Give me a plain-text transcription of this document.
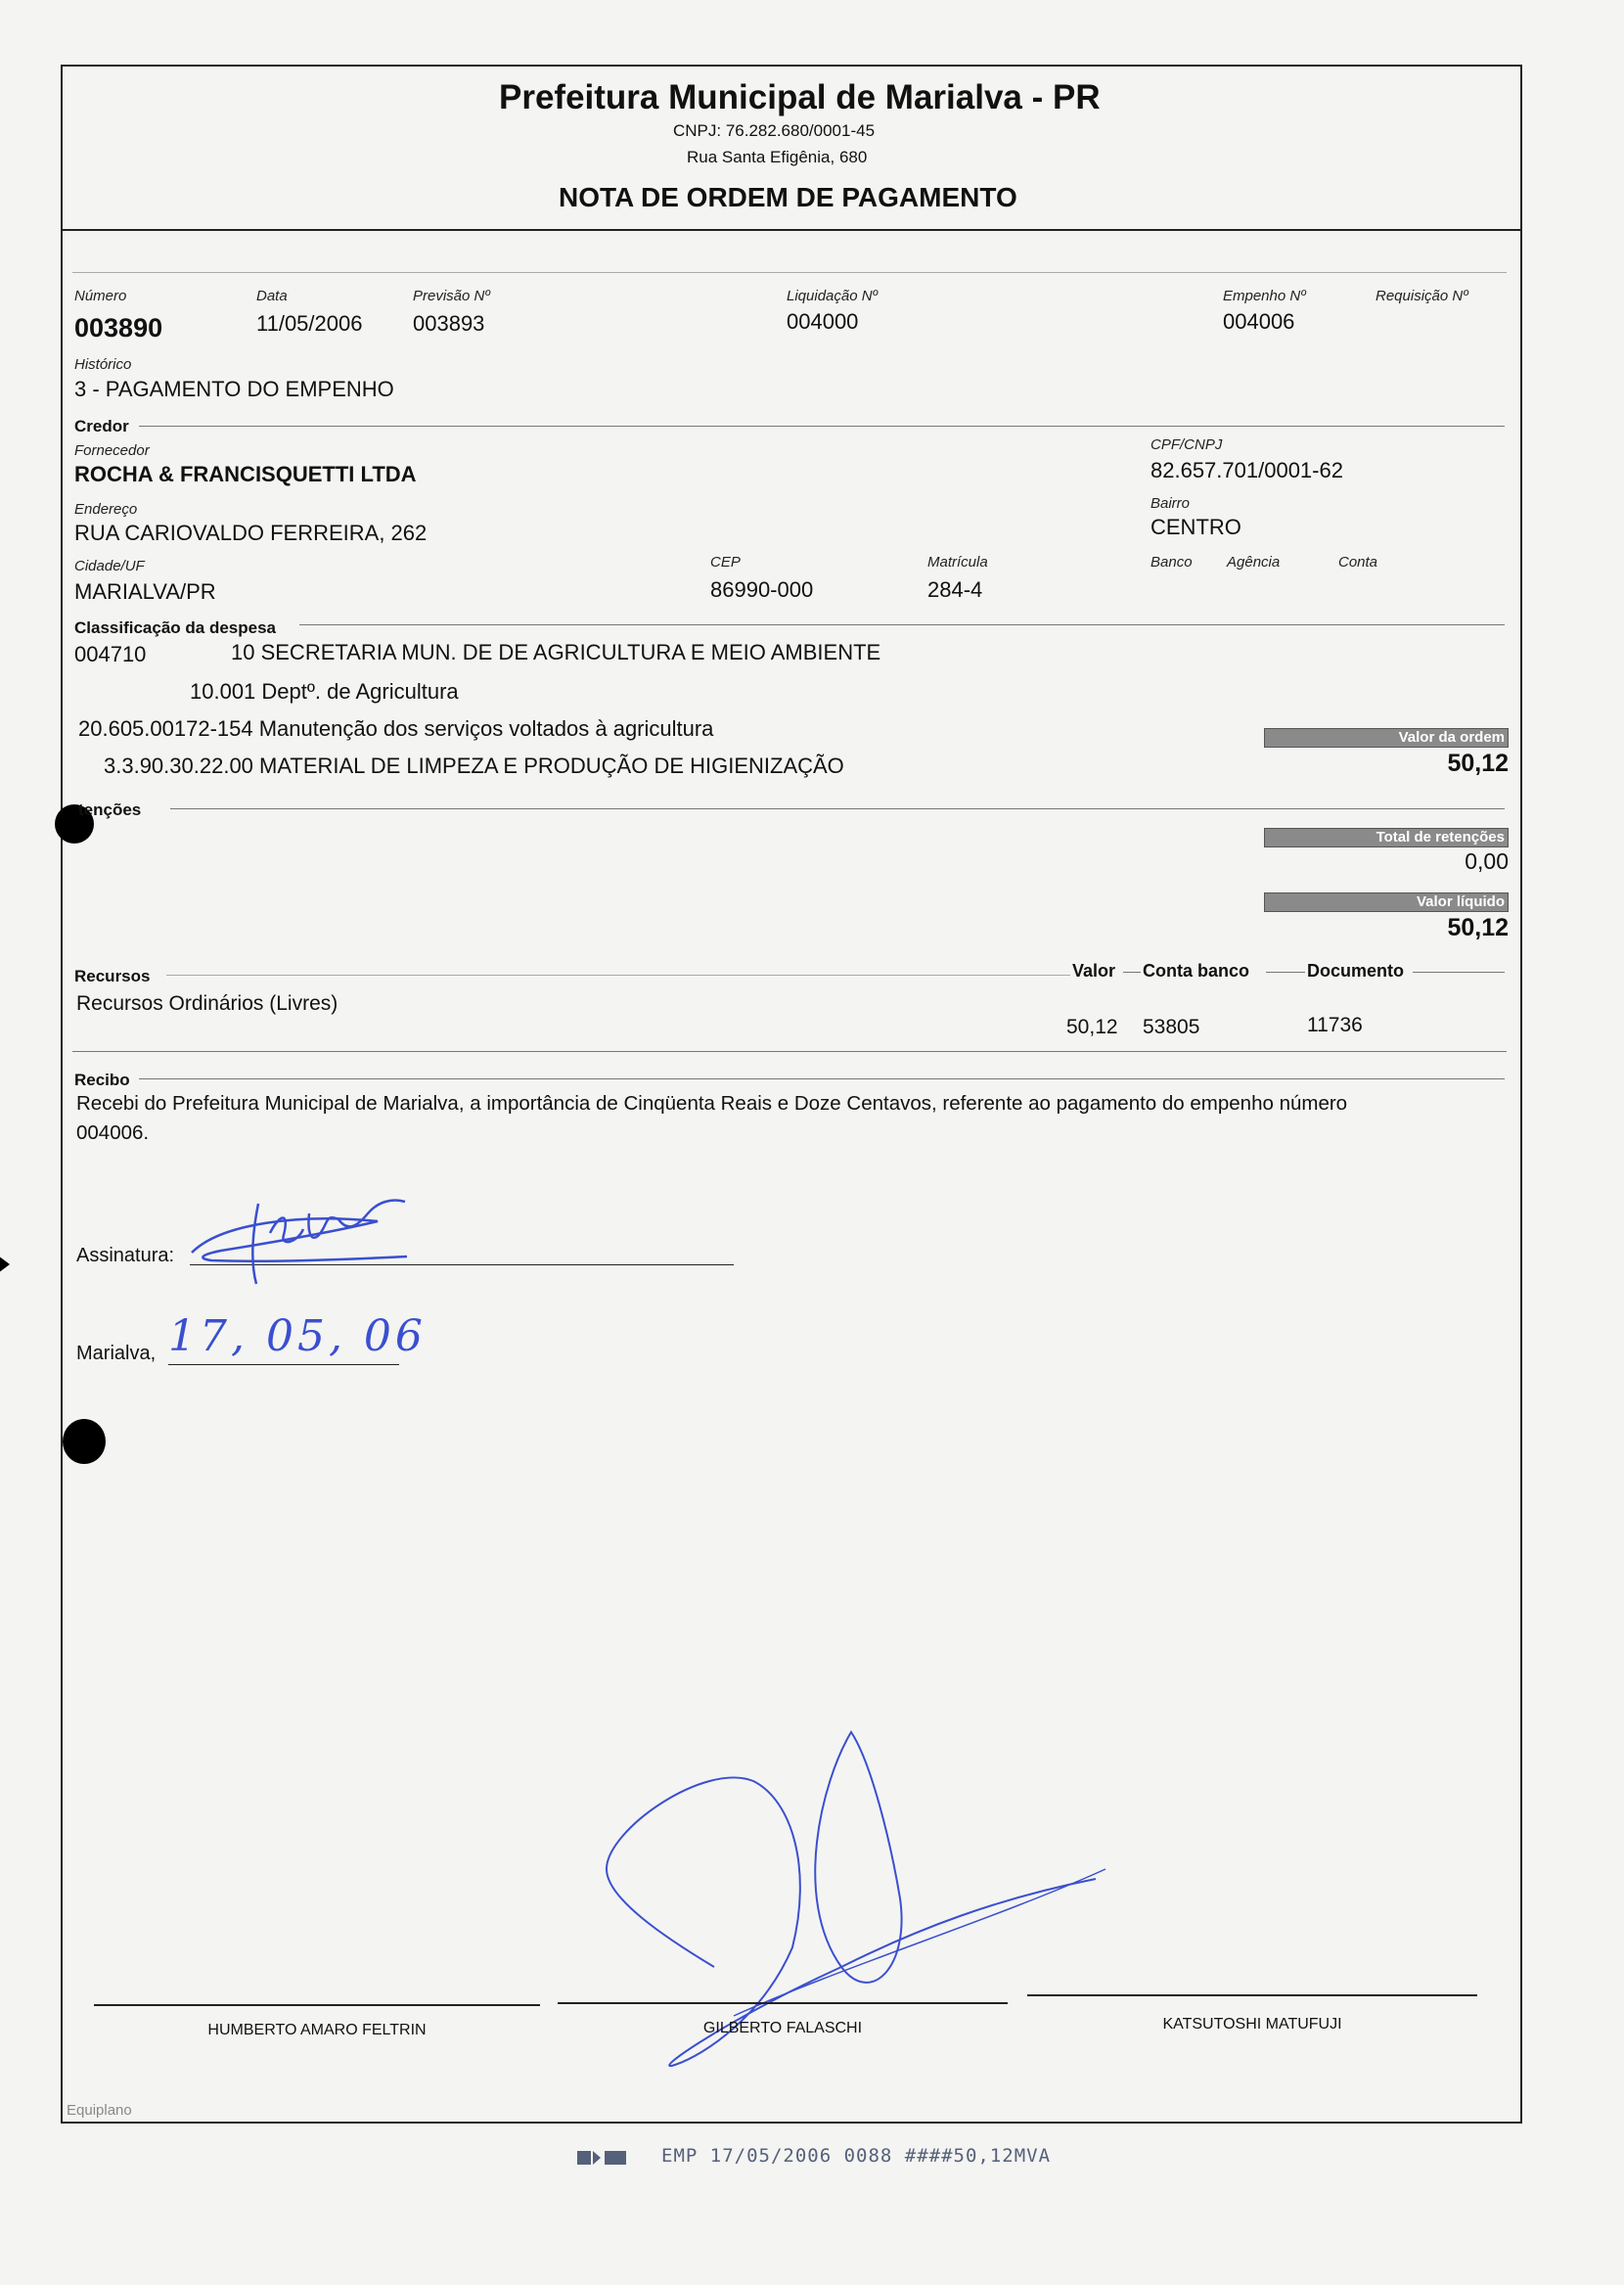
Prefeitura Municipal de Marialva - PR
CNPJ: 76.282.680/0001-45
Rua Santa Efigênia, 680
NOTA DE ORDEM DE PAGAMENTO
Número
003890
Data
11/05/2006
Previsão Nº
003893
Liquidação Nº
004000
Empenho Nº
004006
Requisição Nº
Histórico
3 - PAGAMENTO DO EMPENHO
Credor
Fornecedor
ROCHA & FRANCISQUETTI LTDA
CPF/CNPJ
82.657.701/0001-62
Endereço
RUA CARIOVALDO FERREIRA, 262
Bairro
CENTRO
Cidade/UF
MARIALVA/PR
CEP
86990-000
Matrícula
284-4
Banco Agência	Conta
Classificação da despesa
004710	10 SECRETARIA MUN. DE DE AGRICULTURA E MEIO AMBIENTE
10.001 Deptº. de Agricultura
20.605.00172-154 Manutenção dos serviços voltados à agricultura
3.3.90.30.22.00 MATERIAL DE LIMPEZA E PRODUÇÃO DE HIGIENIZAÇÃO
Valor da ordem
50,12
tenções
Total de retenções
0,00
Valor líquido
50,12
Recursos	Valor Conta banco	Documento
Recursos Ordinários (Livres)
50,12 53805	11736
Recibo
Recebi do Prefeitura Municipal de Marialva, a importância de Cinqüenta Reais e Doze Centavos, referente ao pagamento do empenho número
004006.
Assinatura:
Marialva, 17, 05, 06
HUMBERTO AMARO FELTRIN	GILBERTO FALASCHI	KATSUTOSHI MATUFUJI
Equiplano
EMP 17/05/2006 0088 ####50,12MVA
